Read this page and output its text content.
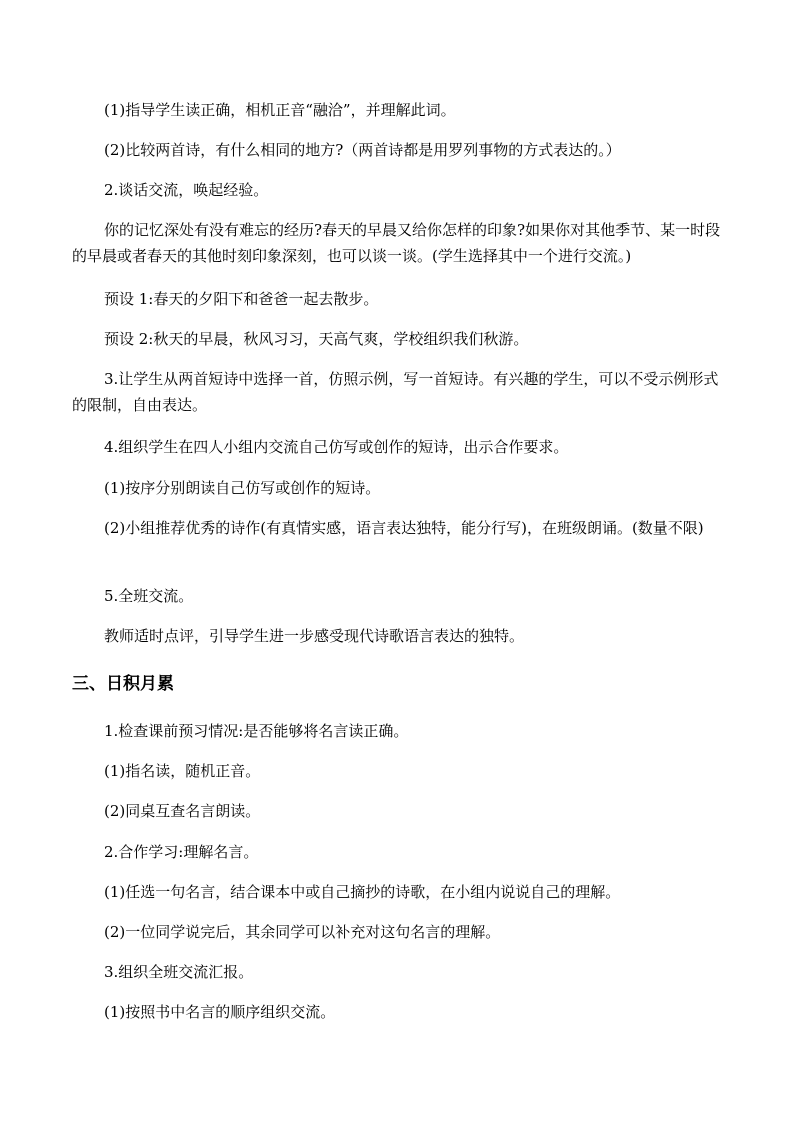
(1)指导学生读正确，相机正音“融洽”，并理解此词。

(2)比较两首诗，有什么相同的地方?（两首诗都是用罗列事物的方式表达的。）

2.谈话交流，唤起经验。

你的记忆深处有没有难忘的经历?春天的早晨又给你怎样的印象?如果你对其他季节、某一时段的早晨或者春天的其他时刻印象深刻，也可以谈一谈。(学生选择其中一个进行交流。)

预设 1:春天的夕阳下和爸爸一起去散步。

预设 2:秋天的早晨，秋风习习，天高气爽，学校组织我们秋游。

3.让学生从两首短诗中选择一首，仿照示例，写一首短诗。有兴趣的学生，可以不受示例形式的限制，自由表达。

4.组织学生在四人小组内交流自己仿写或创作的短诗，出示合作要求。

(1)按序分别朗读自己仿写或创作的短诗。

(2)小组推荐优秀的诗作(有真情实感，语言表达独特，能分行写)，在班级朗诵。(数量不限)

5.全班交流。

教师适时点评，引导学生进一步感受现代诗歌语言表达的独特。

三、日积月累

1.检查课前预习情况:是否能够将名言读正确。

(1)指名读，随机正音。

(2)同桌互查名言朗读。

2.合作学习:理解名言。

(1)任选一句名言，结合课本中或自己摘抄的诗歌，在小组内说说自己的理解。

(2)一位同学说完后，其余同学可以补充对这句名言的理解。

3.组织全班交流汇报。

(1)按照书中名言的顺序组织交流。
